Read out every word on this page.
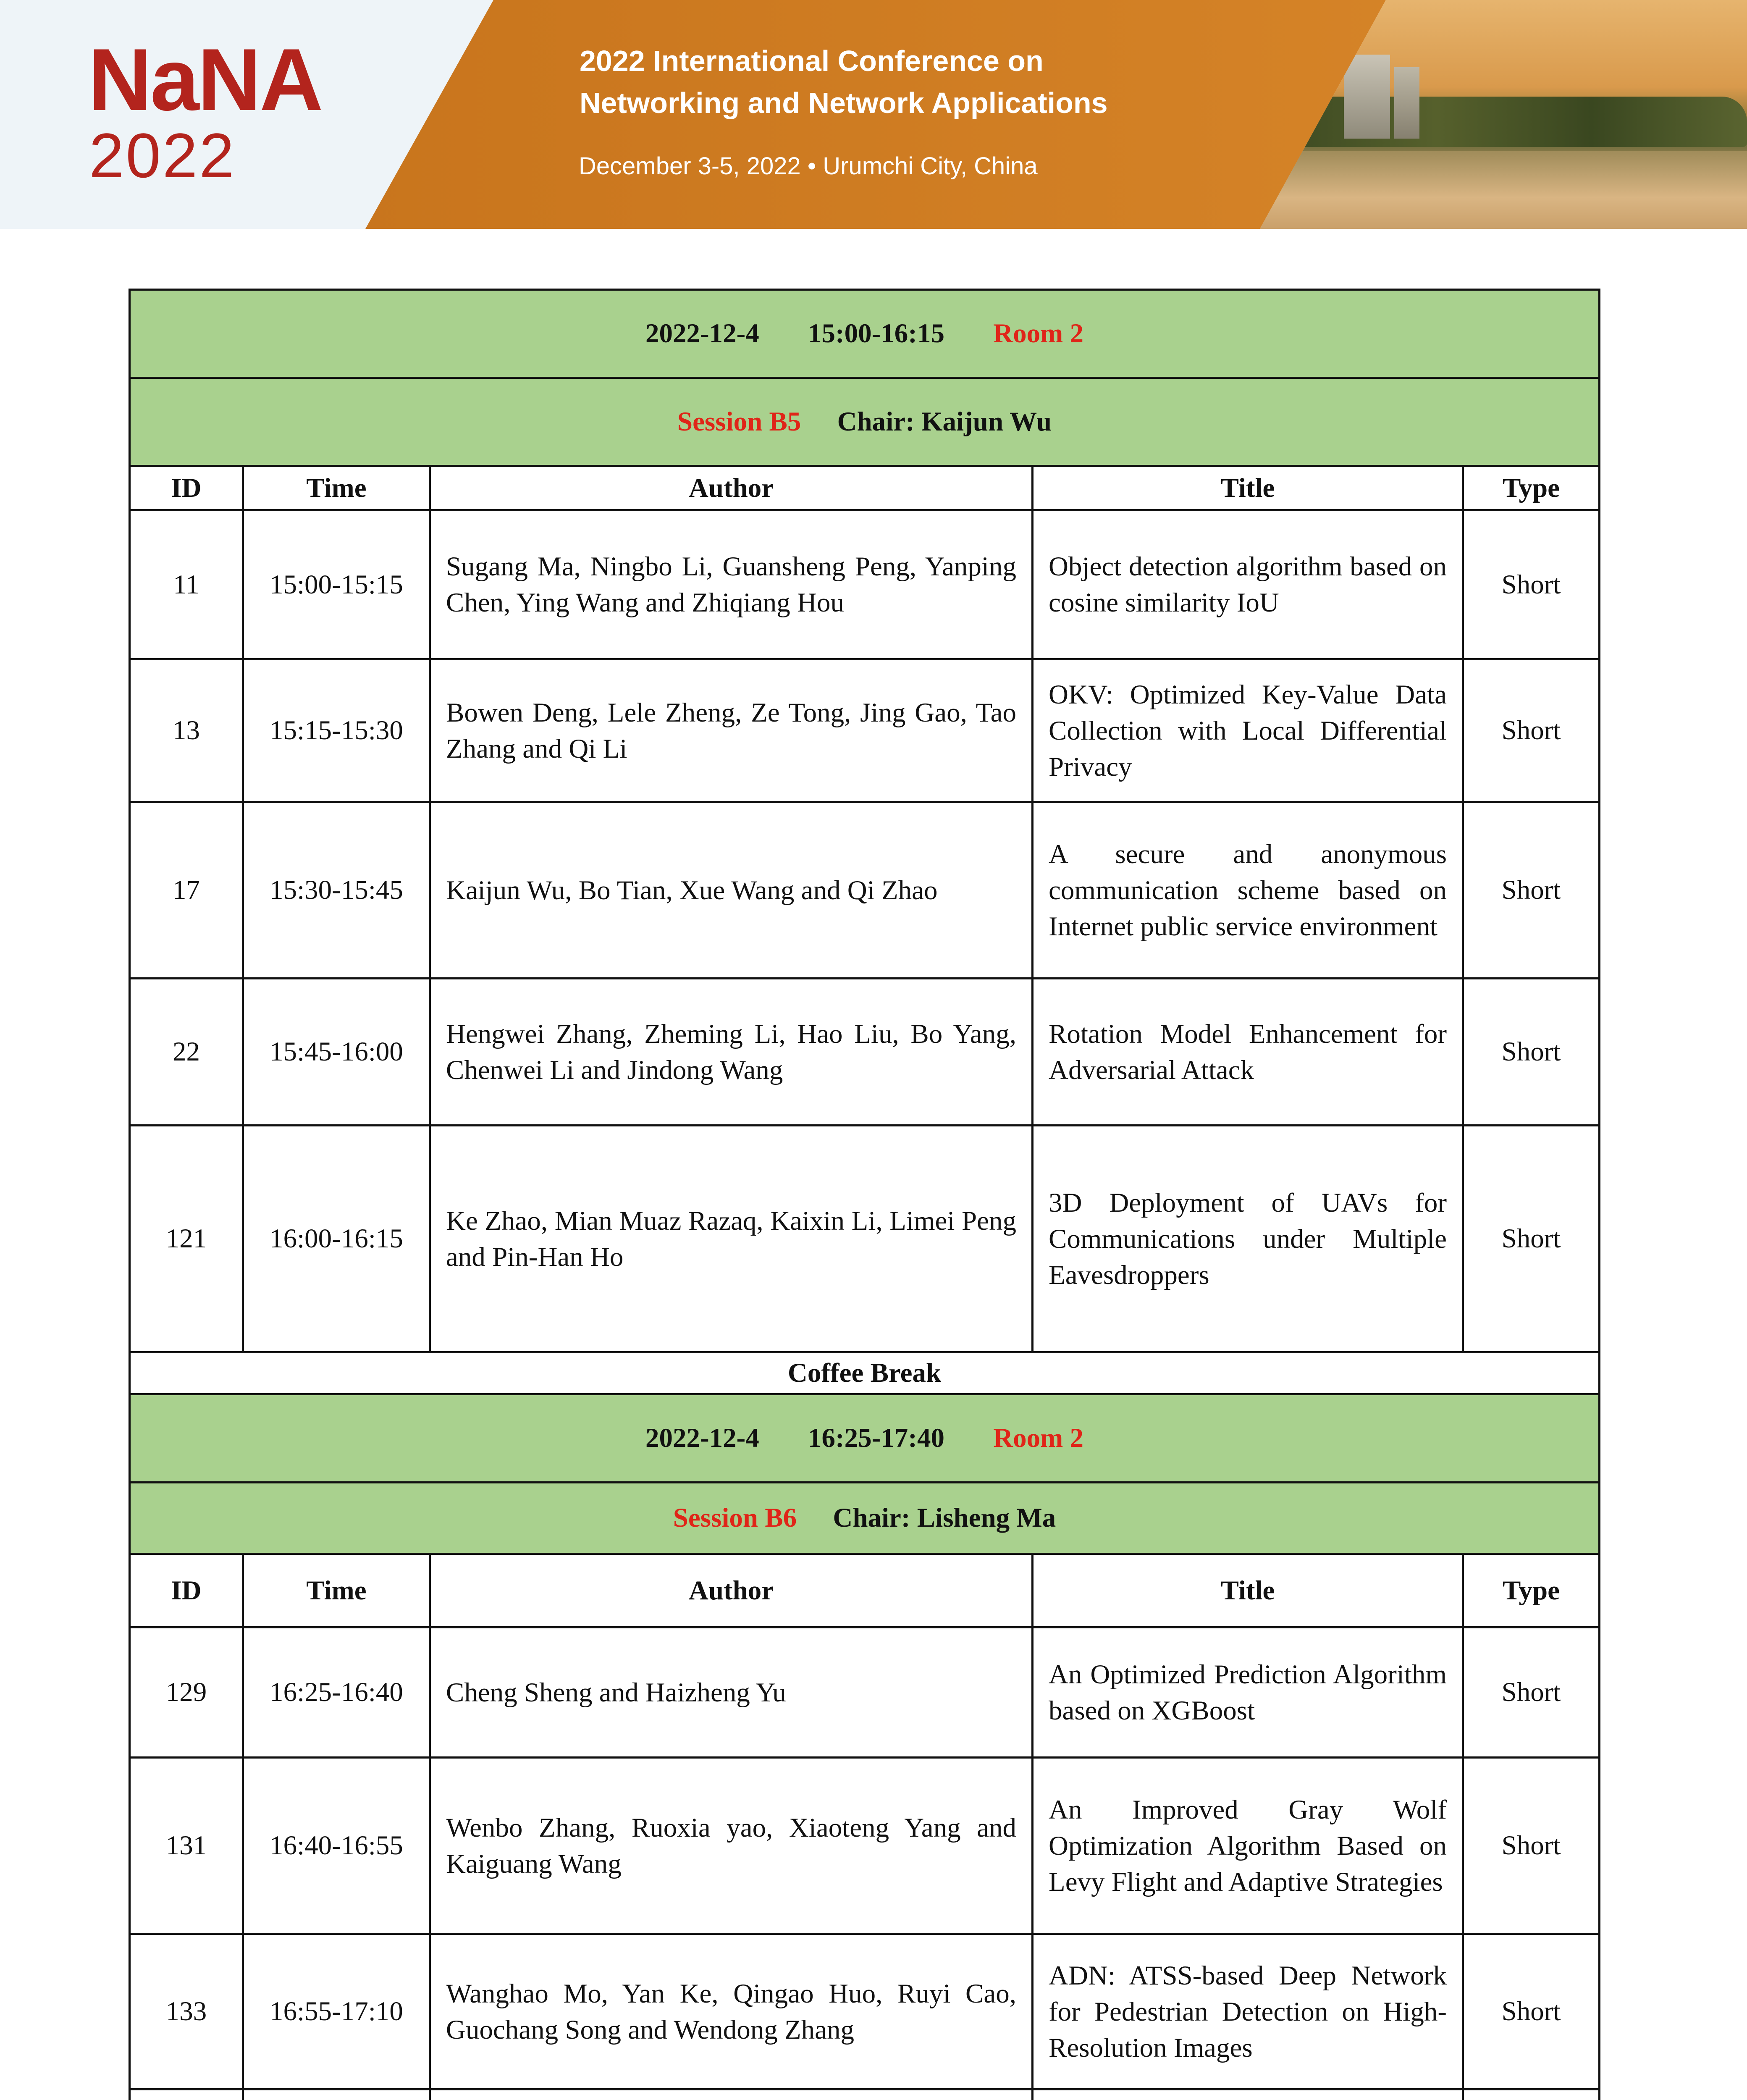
NaNA
2022
2022 International Conference on
Networking and Network Applications
December 3-5, 2022 • Urumchi City, China
2022-12-4 15:00-16:15 Room 2				
Session B5 Chair: Kaijun Wu				
ID	Time	Author	Title	Type
11	15:00-15:15	Sugang Ma, Ningbo Li, Guansheng Peng, Yanping Chen, Ying Wang and Zhiqiang Hou	Object detection algorithm based on cosine similarity IoU	Short
13	15:15-15:30	Bowen Deng, Lele Zheng, Ze Tong, Jing Gao, Tao Zhang and Qi Li	OKV: Optimized Key-Value Data Collection with Local Differential Privacy	Short
17	15:30-15:45	Kaijun Wu, Bo Tian, Xue Wang and Qi Zhao	A secure and anonymous communication scheme based on Internet public service environment	Short
22	15:45-16:00	Hengwei Zhang, Zheming Li, Hao Liu, Bo Yang, Chenwei Li and Jindong Wang	Rotation Model Enhancement for Adversarial Attack	Short
121	16:00-16:15	Ke Zhao, Mian Muaz Razaq, Kaixin Li, Limei Peng and Pin-Han Ho	3D Deployment of UAVs for Communications under Multiple Eavesdroppers	Short
Coffee Break				
2022-12-4 16:25-17:40 Room 2				
Session B6 Chair: Lisheng Ma				
ID	Time	Author	Title	Type
129	16:25-16:40	Cheng Sheng and Haizheng Yu	An Optimized Prediction Algorithm based on XGBoost	Short
131	16:40-16:55	Wenbo Zhang, Ruoxia yao, Xiaoteng Yang and Kaiguang Wang	An Improved Gray Wolf Optimization Algorithm Based on Levy Flight and Adaptive Strategies	Short
133	16:55-17:10	Wanghao Mo, Yan Ke, Qingao Huo, Ruyi Cao, Guochang Song and Wendong Zhang	ADN: ATSS-based Deep Network for Pedestrian Detection on High-Resolution Images	Short
